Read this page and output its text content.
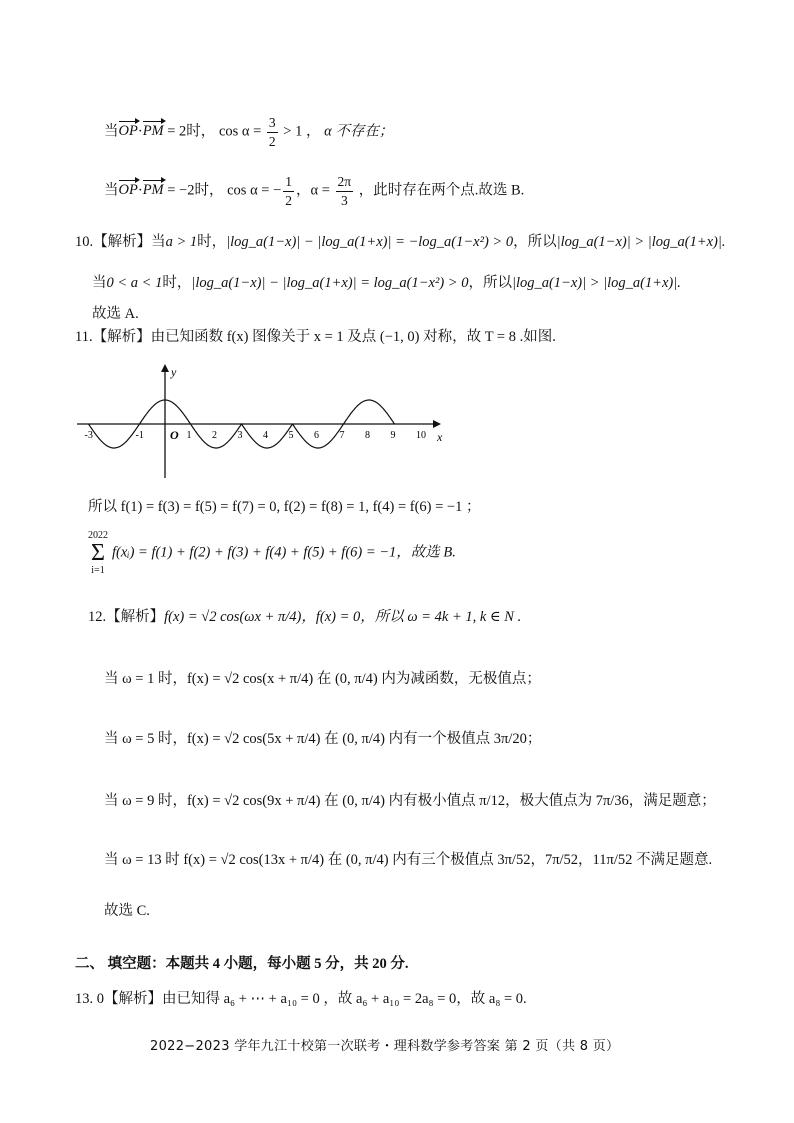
当OP·PM = 2时， $\cos \alpha = \frac{3}{2} > 1$ ， α 不存在；
当OP·PM = −2时， cos α = − $\frac{1}{2}$ ，$\alpha = \frac{2\pi}{3}$ ，此时存在两个点.故选 B.
10.【解析】当a > 1时，|log_a(1−x)| − |log_a(1+x)| = −log_a(1−x²) > 0，所以|log_a(1−x)| > |log_a(1+x)|.
当0 < a < 1时，|log_a(1−x)| − |log_a(1+x)| = log_a(1−x²) > 0，所以|log_a(1−x)| > |log_a(1+x)|.
故选 A.
11.【解析】由已知函数 f(x) 图像关于 x = 1 及点 (−1, 0) 对称，故 T = 8 .如图.
y
x
O
-3	-1	1 2 3 4 5 6 7 8 9 10
所以 f(1) = f(3) = f(5) = f(7) = 0, f(2) = f(8) = 1, f(4) = f(6) = −1 ；
2022
Σ
i=1
f(xᵢ) = f(1) + f(2) + f(3) + f(4) + f(5) + f(6) = −1，故选 B.
12.【解析】f(x) = √2 cos(ωx + π/4)，f(x) = 0，所以 ω = 4k + 1, k ∈ N .
当 ω = 1 时，f(x) = √2 cos(x + π/4) 在 (0, π/4) 内为减函数，无极值点；
当 ω = 5 时，f(x) = √2 cos(5x + π/4) 在 (0, π/4) 内有一个极值点 3π/20；
当 ω = 9 时，f(x) = √2 cos(9x + π/4) 在 (0, π/4) 内有极小值点 π/12，极大值点为 7π/36，满足题意；
当 ω = 13 时 f(x) = √2 cos(13x + π/4) 在 (0, π/4) 内有三个极值点 3π/52，7π/52，11π/52 不满足题意.
故选 C.
二、 填空题：本题共 4 小题，每小题 5 分，共 20 分.
13. 0【解析】由已知得 a₆ + ⋯ + a₁₀ = 0 ，故 a₆ + a₁₀ = 2a₈ = 0，故 a₈ = 0.
2022−2023 学年九江十校第一次联考・理科数学参考答案 第 2 页（共 8 页）
